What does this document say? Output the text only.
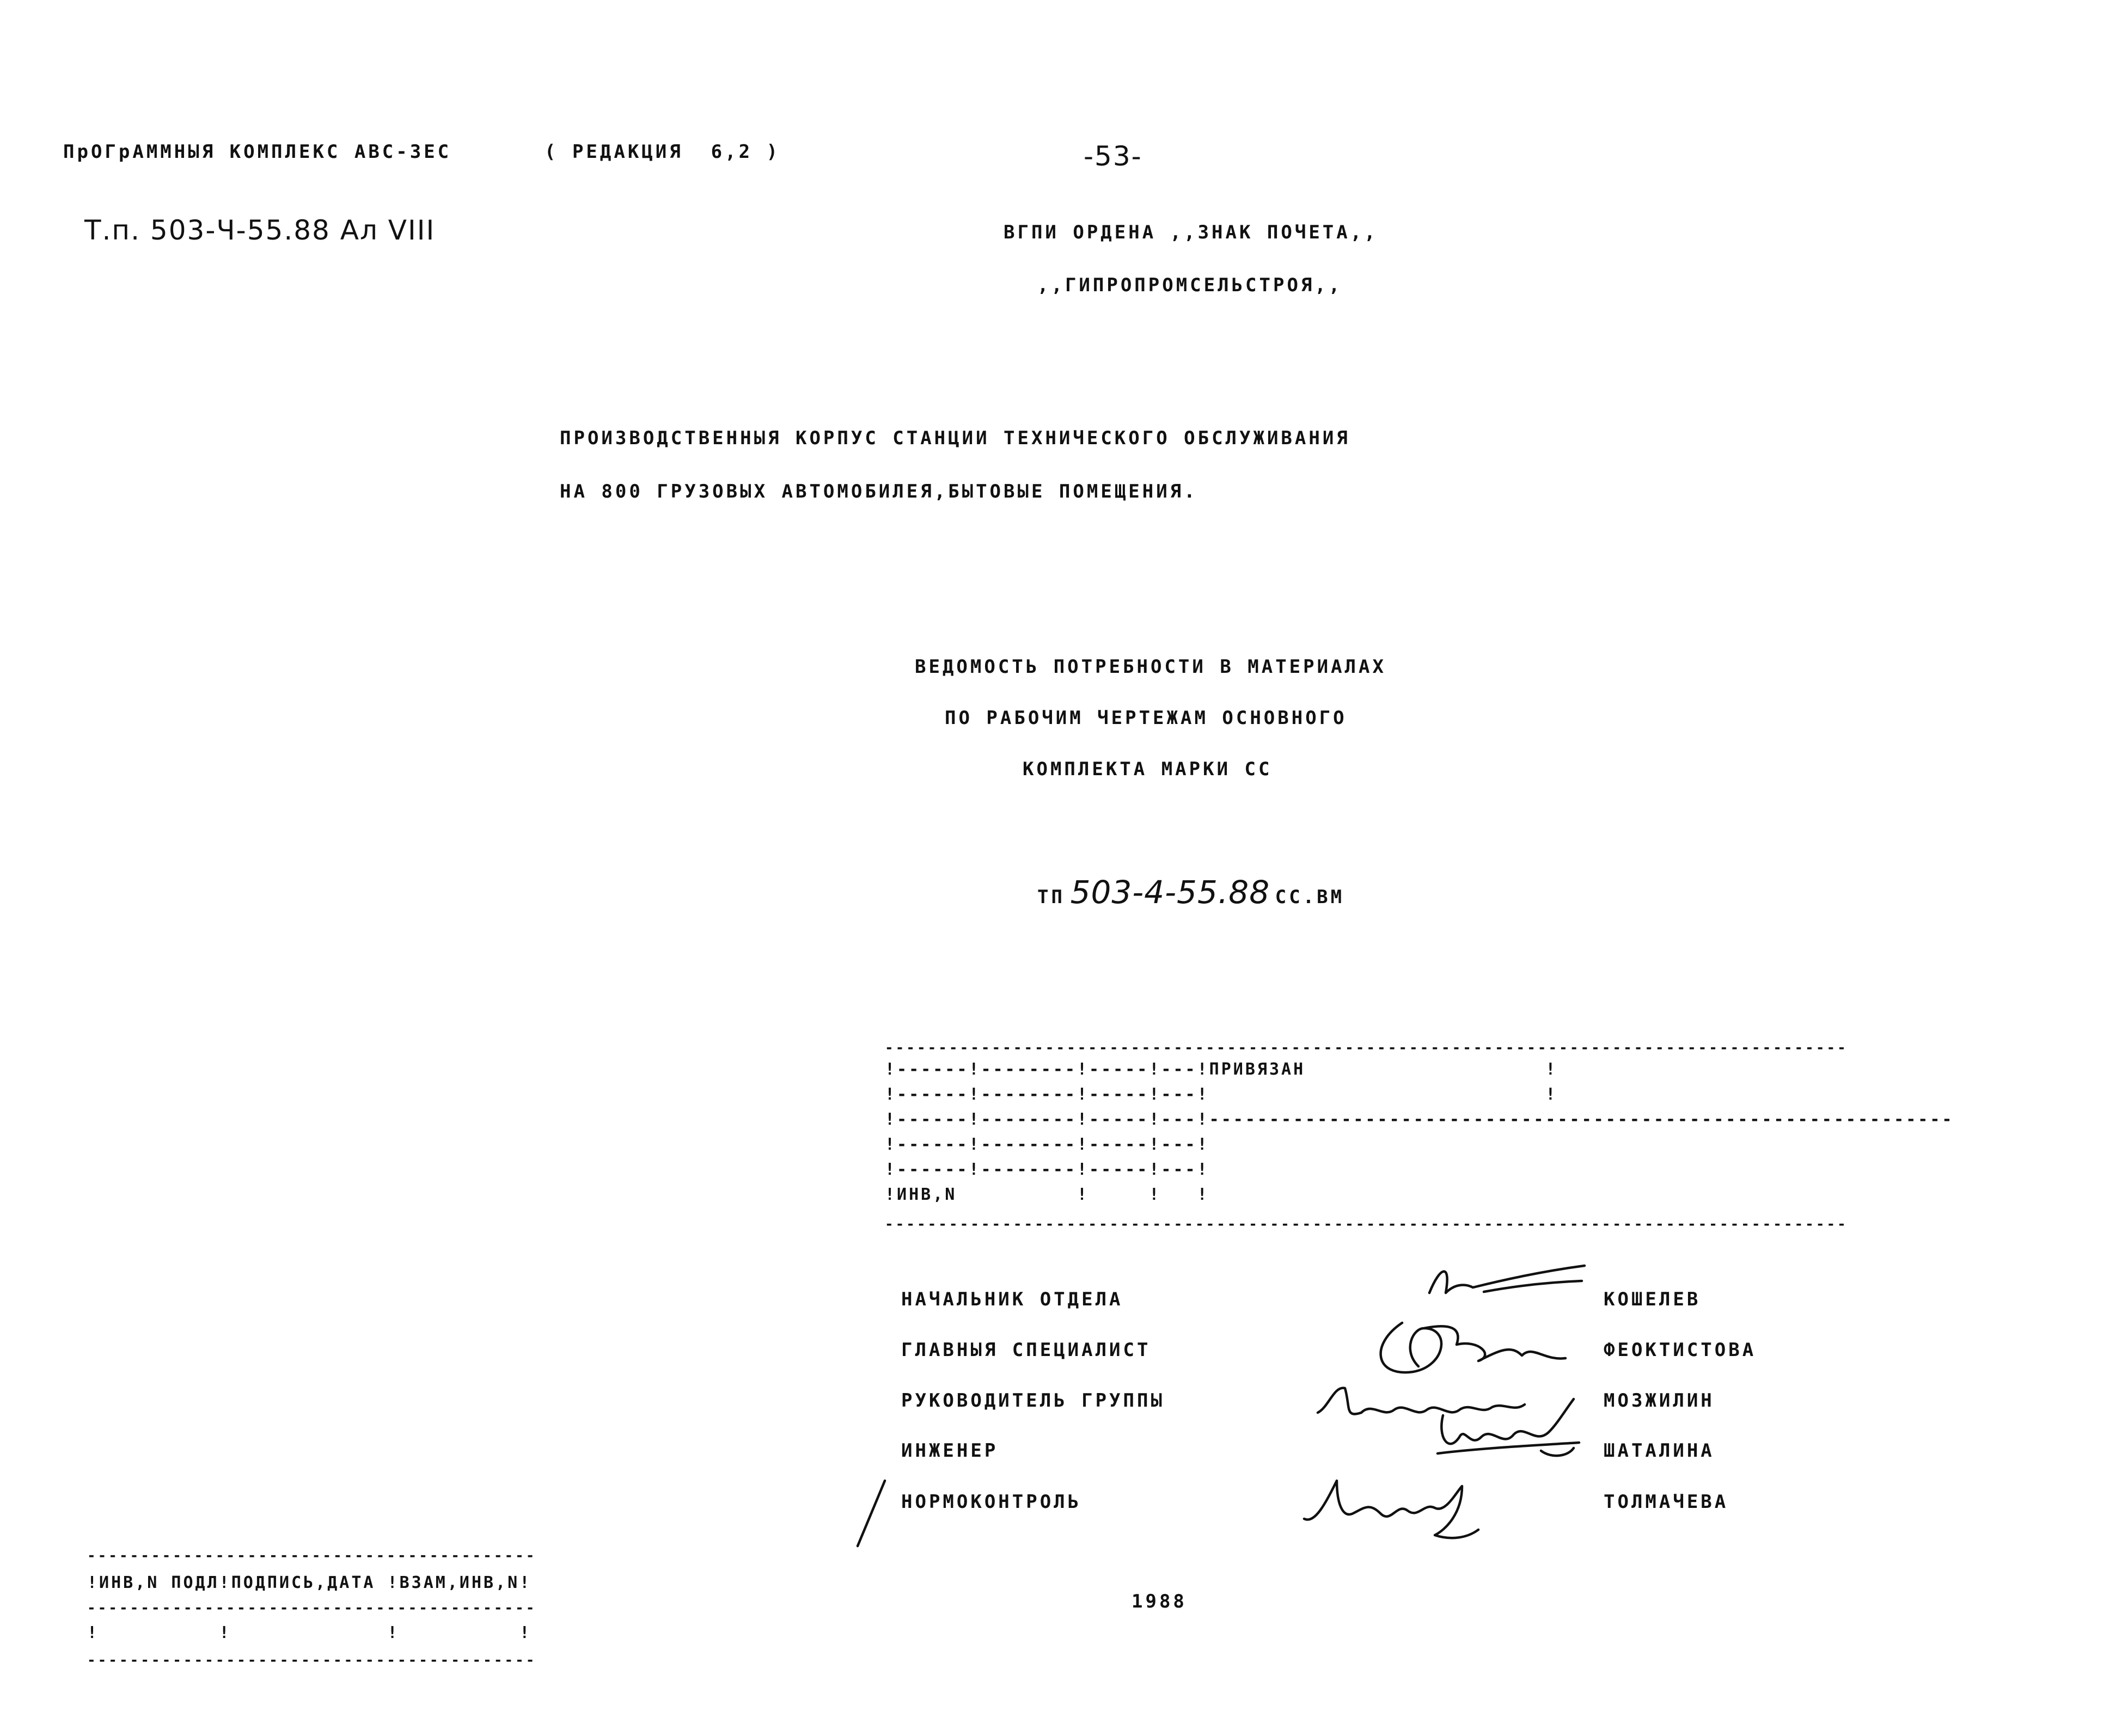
ПрОГрАММНЫЯ КОМПЛЕКС АВС-3ЕС	( РЕДАКЦИЯ  6,2 )	-53-
Т.п. 503-Ч-55.88 Ал VIII	ВГПИ ОРДЕНА ,,ЗНАК ПОЧЕТА,,
,,ГИПРОПРОМСЕЛЬСТРОЯ,,
ПРОИЗВОДСТВЕННЫЯ КОРПУС СТАНЦИИ ТЕХНИЧЕСКОГО ОБСЛУЖИВАНИЯ
НА 800 ГРУЗОВЫХ АВТОМОБИЛЕЯ,БЫТОВЫЕ ПОМЕЩЕНИЯ.
ВЕДОМОСТЬ ПОТРЕБНОСТИ В МАТЕРИАЛАХ
ПО РАБОЧИМ ЧЕРТЕЖАМ ОСНОВНОГО
КОМПЛЕКТА МАРКИ СС
ТП 503-4-55.88 СС.ВМ
------------------------------------------------------------------------------------------
!------!--------!-----!---!ПРИВЯЗАН                    !
!------!--------!-----!---!                            !
!------!--------!-----!---!--------------------------------------------------------------
!------!--------!-----!---!
!------!--------!-----!---!
!ИНВ,N          !     !   !
------------------------------------------------------------------------------------------
НАЧАЛЬНИК ОТДЕЛА	КОШЕЛЕВ
ГЛАВНЫЯ СПЕЦИАЛИСТ	ФЕОКТИСТОВА
РУКОВОДИТЕЛЬ ГРУППЫ	МОЗЖИЛИН
ИНЖЕНЕР	ШАТАЛИНА
НОРМОКОНТРОЛЬ	ТОЛМАЧЕВА
------------------------------------------
!ИНВ,N ПОДЛ!ПОДПИСЬ,ДАТА !ВЗАМ,ИНВ,N!
------------------------------------------
!          !             !          !
------------------------------------------
1988
